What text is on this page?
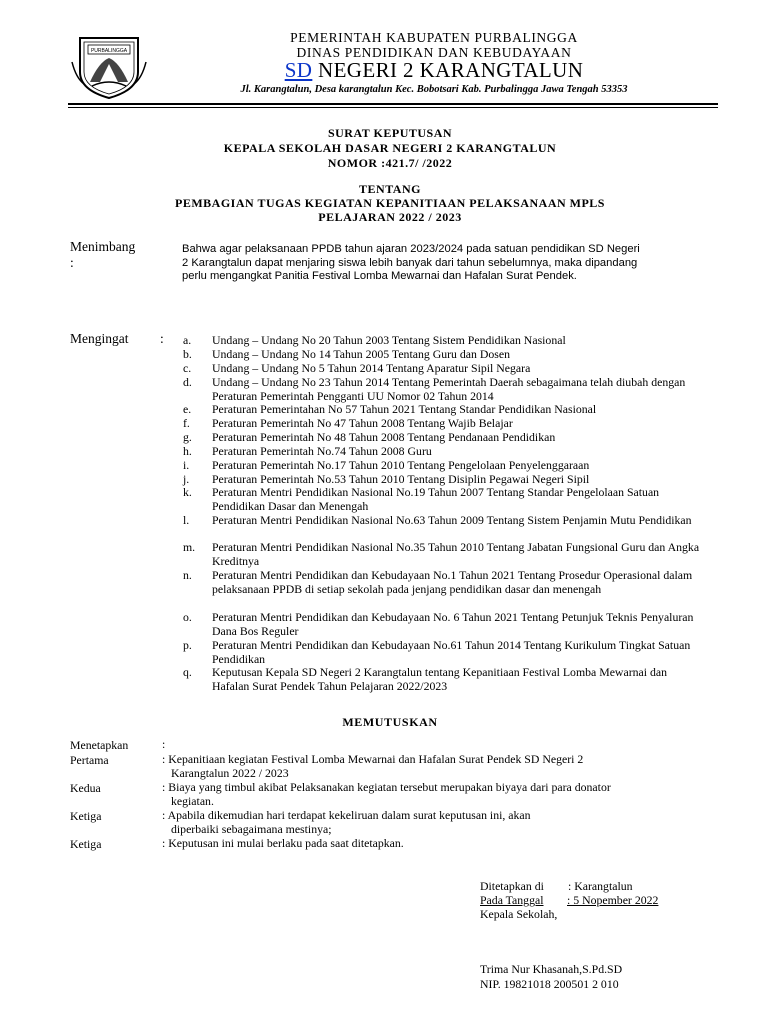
PURBALINGGA
PEMERINTAH KABUPATEN PURBALINGGA
DINAS PENDIDIKAN DAN KEBUDAYAAN
SD NEGERI 2 KARANGTALUN
Jl. Karangtalun, Desa karangtalun Kec. Bobotsari Kab. Purbalingga Jawa Tengah 53353
SURAT KEPUTUSAN
KEPALA SEKOLAH DASAR NEGERI 2 KARANGTALUN
NOMOR :421.7/ /2022
TENTANG
PEMBAGIAN TUGAS KEGIATAN KEPANITIAAN PELAKSANAAN MPLS
PELAJARAN 2022 / 2023
Menimbang
:
Bahwa agar pelaksanaan PPDB tahun ajaran 2023/2024 pada satuan pendidikan SD Negeri
2 Karangtalun dapat menjaring siswa lebih banyak dari tahun sebelumnya, maka dipandang
perlu mengangkat Panitia Festival Lomba Mewarnai dan Hafalan Surat Pendek.
Mengingat : a. Undang – Undang No 20 Tahun 2003 Tentang Sistem Pendidikan Nasional
b. Undang – Undang No 14 Tahun 2005 Tentang Guru dan Dosen
c. Undang – Undang No 5 Tahun 2014 Tentang Aparatur Sipil Negara
d. Undang – Undang No 23 Tahun 2014 Tentang Pemerintah Daerah sebagaimana telah diubah dengan Peraturan Pemerintah Pengganti UU Nomor 02 Tahun 2014
e. Peraturan Pemerintahan No 57 Tahun 2021 Tentang Standar Pendidikan Nasional
f. Peraturan Pemerintah No 47 Tahun 2008 Tentang Wajib Belajar
g. Peraturan Pemerintah No 48 Tahun 2008 Tentang Pendanaan Pendidikan
h. Peraturan Pemerintah No.74 Tahun 2008 Guru
i. Peraturan Pemerintah No.17 Tahun 2010 Tentang Pengelolaan Penyelenggaraan
j. Peraturan Pemerintah No.53 Tahun 2010 Tentang Disiplin Pegawai Negeri Sipil
k. Peraturan Mentri Pendidikan Nasional No.19 Tahun 2007 Tentang Standar Pengelolaan Satuan Pendidikan Dasar dan Menengah
l. Peraturan Mentri Pendidikan Nasional No.63 Tahun 2009 Tentang Sistem Penjamin Mutu Pendidikan
m. Peraturan Mentri Pendidikan Nasional No.35 Tahun 2010 Tentang Jabatan Fungsional Guru dan Angka Kreditnya
n. Peraturan Mentri Pendidikan dan Kebudayaan No.1 Tahun 2021 Tentang Prosedur Operasional dalam pelaksanaan PPDB di setiap sekolah pada jenjang pendidikan dasar dan menengah
o. Peraturan Mentri Pendidikan dan Kebudayaan No. 6 Tahun 2021 Tentang Petunjuk Teknis Penyaluran Dana Bos Reguler
p. Peraturan Mentri Pendidikan dan Kebudayaan No.61 Tahun 2014 Tentang Kurikulum Tingkat Satuan Pendidikan
q. Keputusan Kepala SD Negeri 2 Karangtalun tentang Kepanitiaan Festival Lomba Mewarnai dan Hafalan Surat Pendek Tahun Pelajaran 2022/2023
MEMUTUSKAN
Menetapkan	:
Pertama	: Kepanitiaan kegiatan Festival Lomba Mewarnai dan Hafalan Surat Pendek SD Negeri 2
Karangtalun 2022 / 2023
Kedua	: Biaya yang timbul akibat Pelaksanakan kegiatan tersebut merupakan biyaya dari para donator
kegiatan.
Ketiga	: Apabila dikemudian hari terdapat kekeliruan dalam surat keputusan ini, akan
diperbaiki sebagaimana mestinya;
Ketiga	: Keputusan ini mulai berlaku pada saat ditetapkan.
Ditetapkan di : Karangtalun
Pada Tanggal : 5 Nopember 2022
Kepala Sekolah,
Trima Nur Khasanah,S.Pd.SD
NIP. 19821018 200501 2 010
